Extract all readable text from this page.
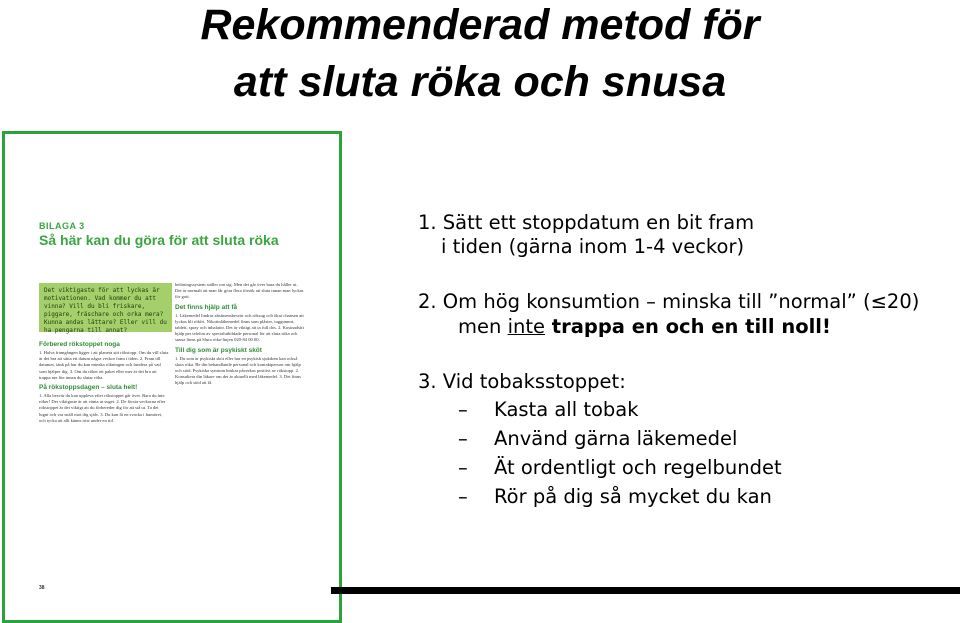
Rekommenderad metod för
att sluta röka och snusa
BILAGA 3
Så här kan du göra för att sluta röka
Det viktigaste för att lyckas är motivationen. Vad kommer du att vinna? Vill du bli friskare, piggare, fräschare och orka mera? Kunna andas lättare? Eller vill du ha pengarna till annat?
Förbered rökstoppet noga
1. Halva framgången ligger i att planera sitt rökstopp. Om du vill sluta är det bra att sätta ett datum några veckor fram i tiden. 2. Fram till datumet, tänk på hur du kan minska rökningen och fundera på vad som hjälper dig. 3. Om du röker ett paket eller mer är det bra att trappa ner lite innan du slutar röka.
På rökstoppsdagen – sluta helt!
1. Alla besvär du kan uppleva efter rökstoppet går över. Bara du inte röker! Det viktigaste är att vänta ut suget. 2. De första veckorna efter rökstoppet är det viktigt att du förbereder dig för att stå ut. Ta det lugnt och var snäll mot dig själv. 3. Du kan få en svacka i humöret, och tycka att allt känns trist under en tid.
belöningssystem ställer om sig. Men det går över bara du håller ut. Det är normalt att man får göra flera försök att sluta innan man lyckas för gott.
Det finns hjälp att få
1. Läkemedel lindrar abstinensbesvär och röksug och ökar chansen att lyckas bli rökfri. Nikotinläkemedel finns som plåster, tuggummi, tablett, spray och inhalator. Det är viktigt att ta full dos. 2. Kostnadsfri hjälp per telefon av specialutbildade personal för att sluta röka och snusa finns på Sluta röka-linjen 020-84 00 00.
Till dig som är psykiskt sköt
1. Du som är psykiskt sköt eller har en psykisk sjukdom kan också sluta röka. Be din behandlande personal och kontaktperson om hjälp och stöd. Psykiska symtom brukar påverkas positivt av rökstopp. 2. Konsultera din läkare om det är aktuellt med läkemedel. 3. Det finns hjälp och stöd att få.
38
1. Sätt ett stoppdatum en bit fram
i tiden (gärna inom 1-4 veckor)
2. Om hög konsumtion – minska till ”normal” (≤20)
men inte trappa en och en till noll!
3. Vid tobaksstoppet:
– Kasta all tobak
– Använd gärna läkemedel
– Ät ordentligt och regelbundet
– Rör på dig så mycket du kan
